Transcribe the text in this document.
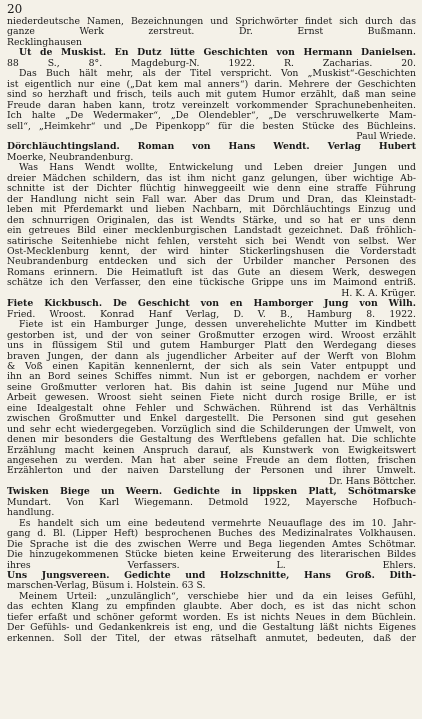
20
niederdeutsche Namen, Bezeichnungen und Sprichwörter findet sich durch das
ganze Werk zerstreut. Dr. Ernst Bußmann.
Recklinghausen
Ut de Muskist. En Dutz lütte Geschichten von Hermann Danielsen.
88 S., 8°. Magdeburg-N. 1922. R. Zacharias. 20.
Das Buch hält mehr, als der Titel verspricht. Von „Muskist“-Geschichten
ist eigentlich nur eine („Dat kem mal anners“) darin. Mehrere der Geschichten
sind so herzhaft und frisch, teils auch mit gutem Humor erzählt, daß man seine
Freude daran haben kann, trotz vereinzelt vorkommender Sprachunebenheiten.
Ich halte „De Wedermaker“, „De Olendebler“, „De verschruwelkerte Mam-
sell“, „Heimkehr“ und „De Pipenkopp“ für die besten Stücke des Büchleins.
Paul Wriede.
Dörchläuchtingsland. Roman von Hans Wendt. Verlag Hubert
Moerke, Neubrandenburg.
Was Hans Wendt wollte, Entwickelung und Leben dreier Jungen und
dreier Mädchen schildern, das ist ihm nicht ganz gelungen, über wichtige Ab-
schnitte ist der Dichter flüchtig hinweggeeilt wie denn eine straffe Führung
der Handlung nicht sein Fall war. Aber das Drum und Dran, das Kleinstadt-
leben mit Pferdemarkt und lieben Nachbarn, mit Dörchläuchtings Einzug und
den schnurrigen Originalen, das ist Wendts Stärke, und so hat er uns denn
ein getreues Bild einer mecklenburgischen Landstadt gezeichnet. Daß fröhlich-
satirische Seitenhiebe nicht fehlen, versteht sich bei Wendt von selbst. Wer
Ost-Mecklenburg kennt, der wird hinter Stickerlingshusen die Vorderstadt
Neubrandenburg entdecken und sich der Urbilder mancher Personen des
Romans erinnern. Die Heimatluft ist das Gute an diesem Werk, deswegen
schätze ich den Verfasser, den eine tückische Grippe uns im Maimond entriß.
H. K. A. Krüger.
Fiete Kickbusch. De Geschicht von en Hamborger Jung von Wilh.
Fried. Wroost. Konrad Hanf Verlag, D. V. B., Hamburg 8. 1922.
Fiete ist ein Hamburger Junge, dessen unverehelichte Mutter im Kindbett
gestorben ist, und der von seiner Großmutter erzogen wird. Wroost erzählt
uns in flüssigem Stil und gutem Hamburger Platt den Werdegang dieses
braven Jungen, der dann als jugendlicher Arbeiter auf der Werft von Blohm
& Voß einen Kapitän kennenlernt, der sich als sein Vater entpuppt und
ihn an Bord seines Schiffes nimmt. Nun ist er geborgen, nachdem er vorher
seine Großmutter verloren hat. Bis dahin ist seine Jugend nur Mühe und
Arbeit gewesen. Wroost sieht seinen Fiete nicht durch rosige Brille, er ist
eine Idealgestalt ohne Fehler und Schwächen. Rührend ist das Verhältnis
zwischen Großmutter und Enkel dargestellt. Die Personen sind gut gesehen
und sehr echt wiedergegeben. Vorzüglich sind die Schilderungen der Umwelt, von
denen mir besonders die Gestaltung des Werftlebens gefallen hat. Die schlichte
Erzählung macht keinen Anspruch darauf, als Kunstwerk von Ewigkeitswert
angesehen zu werden. Man hat aber seine Freude an dem flotten, frischen
Erzählerton und der naiven Darstellung der Personen und ihrer Umwelt.
Dr. Hans Böttcher.
Twisken Biege un Weern. Gedichte in lippsken Platt, Schötmarske
Mundart. Von Karl Wiegemann. Detmold 1922, Mayersche Hofbuch-
handlung.
Es handelt sich um eine bedeutend vermehrte Neuauflage des im 10. Jahr-
gang d. Bl. (Lipper Heft) besprochenen Buches des Medizinalrates Volkhausen.
Die Sprache ist die des zwischen Werre und Bega liegenden Amtes Schötmar.
Die hinzugekommenen Stücke bieten keine Erweiterung des literarischen Bildes
ihres Verfassers. L. Ehlers.
Uns Jungsvereen. Gedichte und Holzschnitte, Hans Groß. Dith-
marschen-Verlag, Büsum i. Holstein. 63 S.
Meinem Urteil: „unzulänglich“, verschiebe hier und da ein leises Gefühl,
das echten Klang zu empfinden glaubte. Aber doch, es ist das nicht schon
tiefer erfaßt und schöner geformt worden. Es ist nichts Neues in dem Büchlein.
Der Gefühls- und Gedankenkreis ist eng, und die Gestaltung läßt nichts Eigenes
erkennen. Soll der Titel, der etwas rätselhaft anmutet, bedeuten, daß der
